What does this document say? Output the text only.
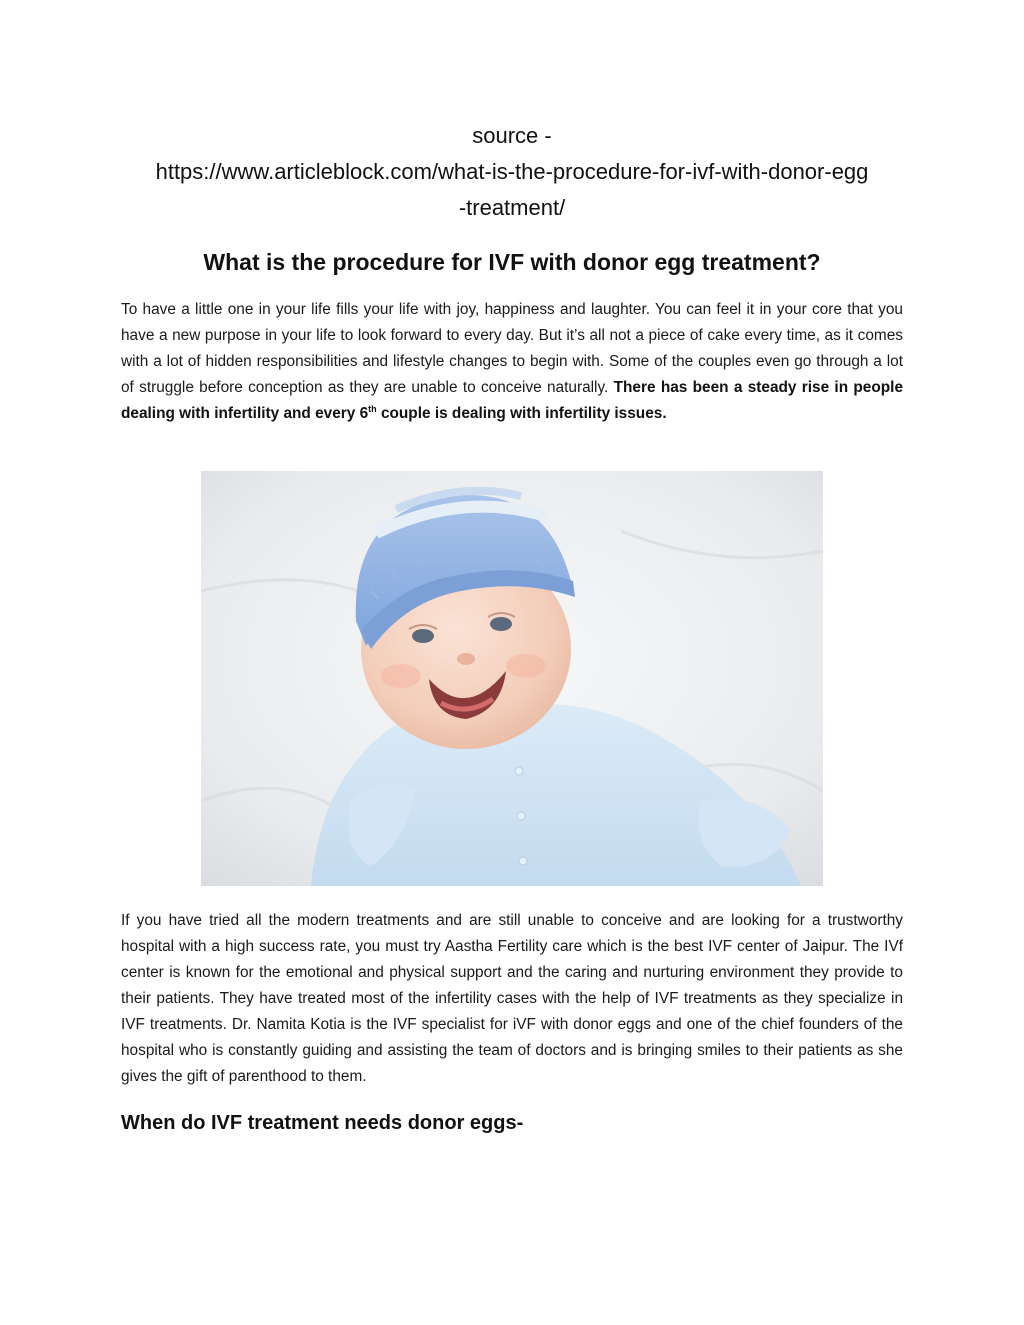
source -
https://www.articleblock.com/what-is-the-procedure-for-ivf-with-donor-egg
-treatment/
What is the procedure for IVF with donor egg treatment?

To have a little one in your life fills your life with joy, happiness and laughter. You can feel it in your core that you have a new purpose in your life to look forward to every day. But it’s all not a piece of cake every time, as it comes with a lot of hidden responsibilities and lifestyle changes to begin with. Some of the couples even go through a lot of struggle before conception as they are unable to conceive naturally. There has been a steady rise in people dealing with infertility and every 6th couple is dealing with infertility issues.

If you have tried all the modern treatments and are still unable to conceive and are looking for a trustworthy hospital with a high success rate, you must try Aastha Fertility care which is the best IVF center of Jaipur. The IVf center is known for the emotional and physical support and the caring and nurturing environment they provide to their patients. They have treated most of the infertility cases with the help of IVF treatments as they specialize in IVF treatments. Dr. Namita Kotia is the IVF specialist for iVF with donor eggs and one of the chief founders of the hospital who is constantly guiding and assisting the team of doctors and is bringing smiles to their patients as she gives the gift of parenthood to them.

When do IVF treatment needs donor eggs-
